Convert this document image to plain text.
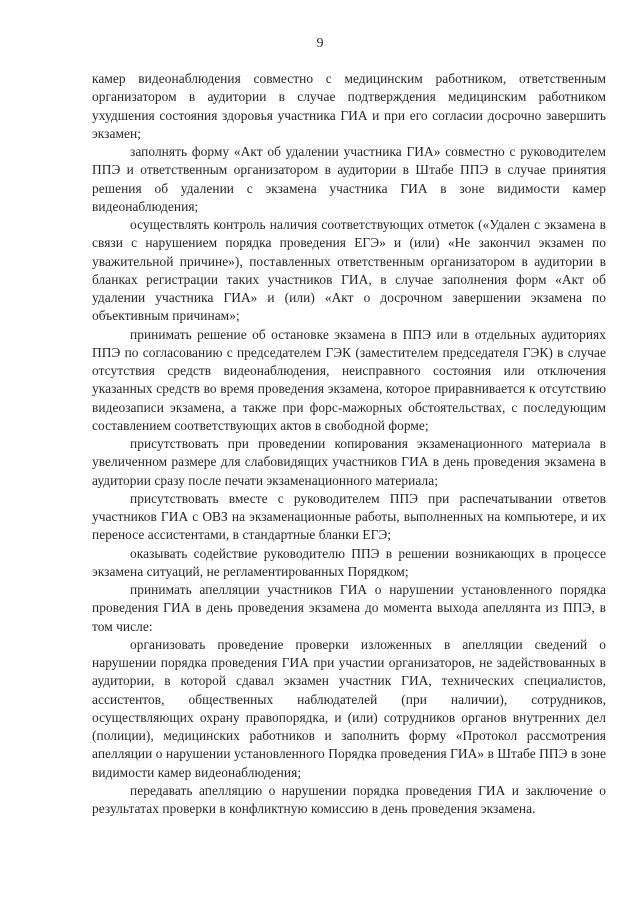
9

камер видеонаблюдения совместно с медицинским работником, ответственным организатором в аудитории в случае подтверждения медицинским работником ухудшения состояния здоровья участника ГИА и при его согласии досрочно завершить экзамен;

заполнять форму «Акт об удалении участника ГИА» совместно с руководителем ППЭ и ответственным организатором в аудитории в Штабе ППЭ в случае принятия решения об удалении с экзамена участника ГИА в зоне видимости камер видеонаблюдения;

осуществлять контроль наличия соответствующих отметок («Удален с экзамена в связи с нарушением порядка проведения ЕГЭ» и (или) «Не закончил экзамен по уважительной причине»), поставленных ответственным организатором в аудитории в бланках регистрации таких участников ГИА, в случае заполнения форм «Акт об удалении участника ГИА» и (или) «Акт о досрочном завершении экзамена по объективным причинам»;

принимать решение об остановке экзамена в ППЭ или в отдельных аудиториях ППЭ по согласованию с председателем ГЭК (заместителем председателя ГЭК) в случае отсутствия средств видеонаблюдения, неисправного состояния или отключения указанных средств во время проведения экзамена, которое приравнивается к отсутствию видеозаписи экзамена, а также при форс-мажорных обстоятельствах, с последующим составлением соответствующих актов в свободной форме;

присутствовать при проведении копирования экзаменационного материала в увеличенном размере для слабовидящих участников ГИА в день проведения экзамена в аудитории сразу после печати экзаменационного материала;

присутствовать вместе с руководителем ППЭ при распечатывании ответов участников ГИА с ОВЗ на экзаменационные работы, выполненных на компьютере, и их переносе ассистентами, в стандартные бланки ЕГЭ;

оказывать содействие руководителю ППЭ в решении возникающих в процессе экзамена ситуаций, не регламентированных Порядком;

принимать апелляции участников ГИА о нарушении установленного порядка проведения ГИА в день проведения экзамена до момента выхода апеллянта из ППЭ, в том числе:

организовать проведение проверки изложенных в апелляции сведений о нарушении порядка проведения ГИА при участии организаторов, не задействованных в аудитории, в которой сдавал экзамен участник ГИА, технических специалистов, ассистентов, общественных наблюдателей (при наличии), сотрудников, осуществляющих охрану правопорядка, и (или) сотрудников органов внутренних дел (полиции), медицинских работников и заполнить форму «Протокол рассмотрения апелляции о нарушении установленного Порядка проведения ГИА» в Штабе ППЭ в зоне видимости камер видеонаблюдения;

передавать апелляцию о нарушении порядка проведения ГИА и заключение о результатах проверки в конфликтную комиссию в день проведения экзамена.
